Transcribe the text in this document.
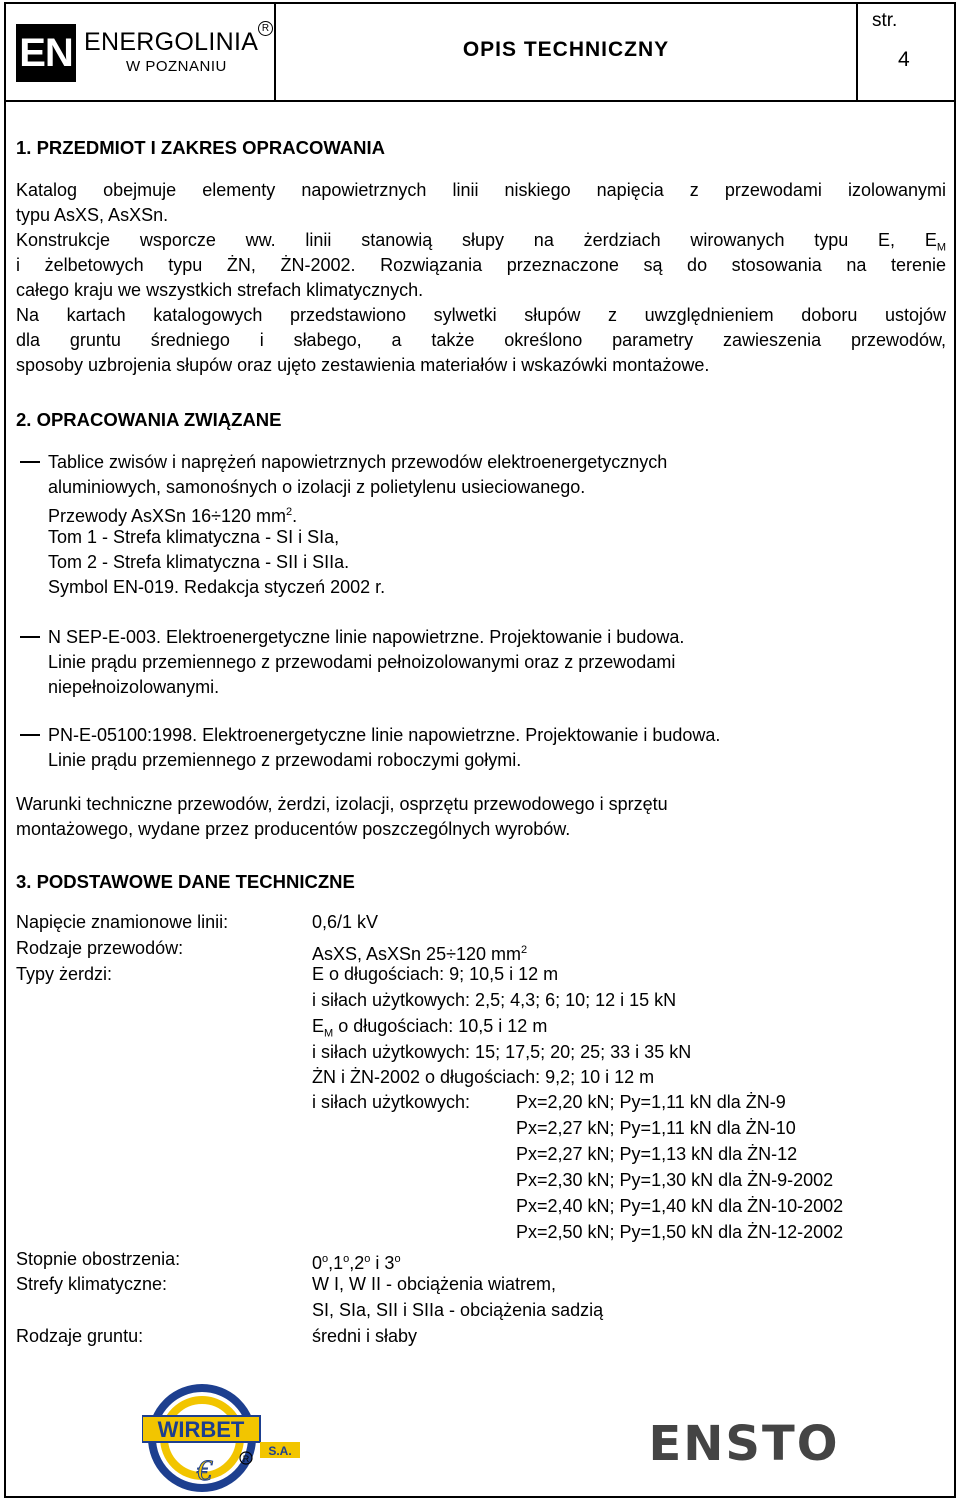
EN ENERGOLINIA $^R$
W POZNANIU
OPIS TECHNICZNY
str.
4

1. PRZEDMIOT I ZAKRES OPRACOWANIA

Katalog obejmuje elementy napowietrznych linii niskiego napięcia z przewodami izolowanymi

typu AsXS, AsXSn.

Konstrukcje wsporcze ww. linii stanowią słupy na żerdziach wirowanych typu E, $E_M$

i żelbetowych typu ŻN, ŻN-2002. Rozwiązania przeznaczone są do stosowania na terenie

całego kraju we wszystkich strefach klimatycznych.

Na kartach katalogowych przedstawiono sylwetki słupów z uwzględnieniem doboru ustojów

dla gruntu średniego i słabego, a także określono parametry zawieszenia przewodów,

sposoby uzbrojenia słupów oraz ujęto zestawienia materiałów i wskazówki montażowe.

2. OPRACOWANIA ZWIĄZANE

Tablice zwisów i naprężeń napowietrznych przewodów elektroenergetycznych

aluminiowych, samonośnych o izolacji z polietylenu usieciowanego.

Przewody AsXSn 16÷120 $mm^2$.

Tom 1 - Strefa klimatyczna - SI i SIa,

Tom 2 - Strefa klimatyczna - SII i SIIa.

Symbol EN-019. Redakcja styczeń 2002 r.

N SEP-E-003. Elektroenergetyczne linie napowietrzne. Projektowanie i budowa.

Linie prądu przemiennego z przewodami pełnoizolowanymi oraz z przewodami

niepełnoizolowanymi.

PN-E-05100:1998. Elektroenergetyczne linie napowietrzne. Projektowanie i budowa.

Linie prądu przemiennego z przewodami roboczymi gołymi.

Warunki techniczne przewodów, żerdzi, izolacji, osprzętu przewodowego i sprzętu

montażowego, wydane przez producentów poszczególnych wyrobów.

3. PODSTAWOWE DANE TECHNICZNE

Napięcie znamionowe linii:	0,6/1 kV

Rodzaje przewodów:	AsXS, AsXSn 25÷120 $mm^2$

Typy żerdzi:	E o długościach: 9; 10,5 i 12 m

i siłach użytkowych: 2,5; 4,3; 6; 10; 12 i 15 kN

$E_M$ o długościach: 10,5 i 12 m

i siłach użytkowych: 15; 17,5; 20; 25; 33 i 35 kN

ŻN i ŻN-2002 o długościach: 9,2; 10 i 12 m

i siłach użytkowych:	Px=2,20 kN; Py=1,11 kN dla ŻN-9

Px=2,27 kN; Py=1,11 kN dla ŻN-10

Px=2,27 kN; Py=1,13 kN dla ŻN-12

Px=2,30 kN; Py=1,30 kN dla ŻN-9-2002

Px=2,40 kN; Py=1,40 kN dla ŻN-10-2002

Px=2,50 kN; Py=1,50 kN dla ŻN-12-2002

Stopnie obostrzenia:	0$^o$,1$^o$,2$^o$ i 3$^o$

Strefy klimatyczne:	W I, W II - obciążenia wiatrem,

SI, SIa, SII i SIIa - obciążenia sadzią

Rodzaje gruntu:	średni i słaby

WIRBET
S.A.
€	R	ENSTO
